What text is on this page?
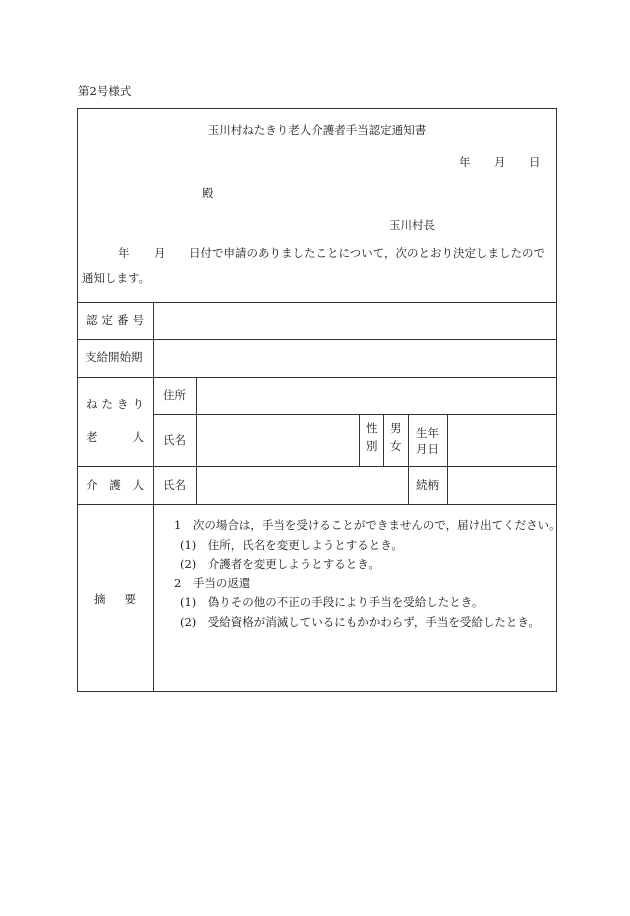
第2号様式
玉川村ねたきり老人介護者手当認定通知書
年 月 日
殿
玉川村長
年 月 日付で申請のありましたことについて，次のとおり決定しましたので
通知します。
認 定 番 号
支給開始期
ね た き り
老	人
住所
氏名
性
別
男
女
生年
月日
介 護 人 氏名	続柄
摘 要
1　次の場合は，手当を受けることができませんので，届け出てください。
(1)　住所，氏名を変更しようとするとき。
(2)　介護者を変更しようとするとき。
2　手当の返還
(1)　偽りその他の不正の手段により手当を受給したとき。
(2)　受給資格が消滅しているにもかかわらず，手当を受給したとき。
